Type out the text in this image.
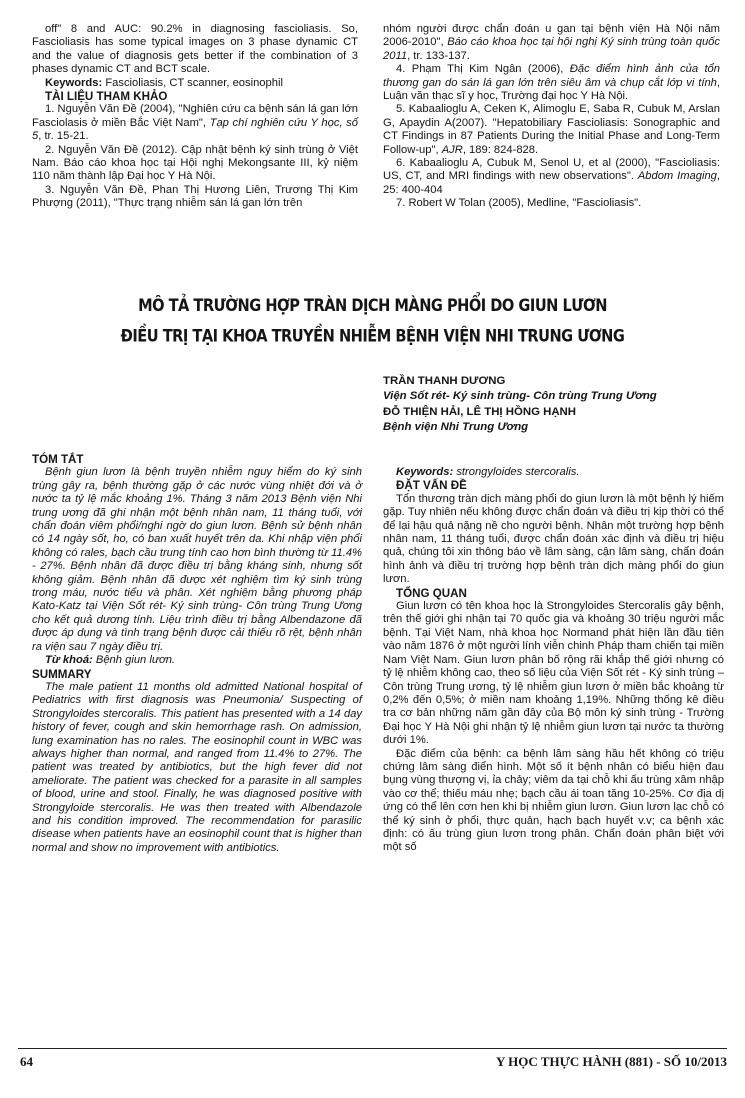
off" 8 and AUC: 90.2% in diagnosing fascioliasis. So, Fascioliasis has some typical images on 3 phase dynamic CT and the value of diagnosis gets better if the combination of 3 phases dynamic CT and BCT scale.

Keywords: Fascioliasis, CT scanner, eosinophil

TÀI LIỆU THAM KHẢO

1. Nguyễn Văn Đề (2004), "Nghiên cứu ca bệnh sán lá gan lớn Fasciolasis ở miền Bắc Việt Nam", Tạp chí nghiên cứu Y học, số 5, tr. 15-21.

2. Nguyễn Văn Đề (2012). Cập nhật bệnh ký sinh trùng ở Việt Nam. Báo cáo khoa học tại Hội nghị Mekongsante III, kỷ niệm 110 năm thành lập Đại học Y Hà Nội.

3. Nguyễn Văn Đề, Phan Thị Hương Liên, Trương Thị Kim Phượng (2011), "Thực trạng nhiễm sán lá gan lớn trên

nhóm người được chẩn đoán u gan tại bệnh viện Hà Nội năm 2006-2010", Báo cáo khoa học tại hội nghị Ký sinh trùng toàn quốc 2011, tr. 133-137.

4. Phạm Thị Kim Ngân (2006), Đặc điểm hình ảnh của tổn thương gan do sán lá gan lớn trên siêu âm và chụp cắt lớp vi tính, Luận văn thạc sĩ y học, Trường đại học Y Hà Nội.

5. Kabaalioglu A, Ceken K, Alimoglu E, Saba R, Cubuk M, Arslan G, Apaydin A(2007). "Hepatobiliary Fascioliasis: Sonographic and CT Findings in 87 Patients During the Initial Phase and Long-Term Follow-up", AJR, 189: 824-828.

6. Kabaalioglu A, Cubuk M, Senol U, et al (2000), "Fascioliasis: US, CT, and MRI findings with new observations". Abdom Imaging, 25: 400-404

7. Robert W Tolan (2005), Medline, "Fascioliasis".

MÔ TẢ TRƯỜNG HỢP TRÀN DỊCH MÀNG PHỔI DO GIUN LƯƠN
ĐIỀU TRỊ TẠI KHOA TRUYỀN NHIỄM BỆNH VIỆN NHI TRUNG ƯƠNG
TRẦN THANH DƯƠNG
Viện Sốt rét- Ký sinh trùng- Côn trùng Trung Ương
ĐỖ THIỆN HẢI, LÊ THỊ HỒNG HẠNH
Bệnh viện Nhi Trung Ương

TÓM TẮT

Bệnh giun lươn là bệnh truyền nhiễm nguy hiểm do ký sinh trùng gây ra, bệnh thường gặp ở các nước vùng nhiệt đới và ở nước ta tỷ lệ mắc khoảng 1%. Tháng 3 năm 2013 Bệnh viện Nhi trung ương đã ghi nhận một bệnh nhân nam, 11 tháng tuổi, với chẩn đoán viêm phổi/nghi ngờ do giun lươn. Bệnh sử bệnh nhân có 14 ngày sốt, ho, có ban xuất huyết trên da. Khi nhập viện phổi không có rales, bạch cầu trung tính cao hơn bình thường từ 11.4% - 27%. Bệnh nhân đã được điều trị bằng kháng sinh, nhưng sốt không giảm. Bệnh nhân đã được xét nghiệm tìm ký sinh trùng trong máu, nước tiểu và phân. Xét nghiệm bằng phương pháp Kato-Katz tại Viện Sốt rét- Ký sinh trùng- Côn trùng Trung Ương cho kết quả dương tính. Liệu trình điều trị bằng Albendazone đã được áp dụng và tình trạng bệnh được cải thiếu rõ rệt, bệnh nhân ra viện sau 7 ngày điều trị.

Từ khoá: Bệnh giun lươn.

SUMMARY

The male patient 11 months old admitted National hospital of Pediatrics with first diagnosis was Pneumonia/ Suspecting of Strongyloides stercoralis. This patient has presented with a 14 day history of fever, cough and skin hemorrhage rash. On admission, lung examination has no rales. The eosinophil count in WBC was always higher than normal, and ranged from 11.4% to 27%. The patient was treated by antibiotics, but the high fever did not ameliorate. The patient was checked for a parasite in all samples of blood, urine and stool. Finally, he was diagnosed positive with Strongyloide stercoralis. He was then treated with Albendazole and his condition improved. The recommendation for parasilic disease when patients have an eosinophil count that is higher than normal and show no improvement with antibiotics.

Keywords: strongyloides stercoralis.

ĐẶT VẤN ĐỀ

Tổn thương tràn dịch màng phổi do giun lươn là một bệnh lý hiếm gặp. Tuy nhiên nếu không được chẩn đoán và điều trị kịp thời có thể để lại hậu quả nặng nề cho người bệnh. Nhân một trường hợp bệnh nhân nam, 11 tháng tuổi, được chẩn đoán xác định và điều trị hiệu quả, chúng tôi xin thông báo về lâm sàng, cận lâm sàng, chẩn đoán hình ảnh và điều trị trường hợp bệnh tràn dịch màng phổi do giun lươn.

TỔNG QUAN

Giun lươn có tên khoa học là Strongyloides Stercoralis gây bệnh, trên thế giới ghi nhận tại 70 quốc gia và khoảng 30 triệu người mắc bệnh. Tại Việt Nam, nhà khoa học Normand phát hiện lần đầu tiên vào năm 1876 ở một người lính viễn chinh Pháp tham chiến tại miền Nam Việt Nam. Giun lươn phân bố rộng rãi khắp thế giới nhưng có tỷ lệ nhiễm không cao, theo số liệu của Viện Sốt rét - Ký sinh trùng – Côn trùng Trung ương, tỷ lệ nhiễm giun lươn ở miền bắc khoảng từ 0,2% đến 0,5%; ở miền nam khoảng 1,19%. Những thống kê điều tra cơ bản những năm gần đây của Bộ môn ký sinh trùng - Trường Đại học Y Hà Nội ghi nhận tỷ lệ nhiễm giun lươn tại nước ta thường dưới 1%.

Đặc điểm của bệnh: ca bệnh lâm sàng hầu hết không có triệu chứng lâm sàng điển hình. Một số ít bệnh nhân có biểu hiện đau bụng vùng thượng vị, ỉa chảy; viêm da tại chỗ khi ấu trùng xâm nhập vào cơ thể; thiếu máu nhẹ; bạch cầu ái toan tăng 10-25%. Cơ địa dị ứng có thể lên cơn hen khi bị nhiễm giun lươn. Giun lươn lạc chỗ có thể ký sinh ở phổi, thực quản, hạch bạch huyết v.v; ca bệnh xác định: có ấu trùng giun lươn trong phân. Chẩn đoán phân biệt với một số

64	Y HỌC THỰC HÀNH (881) - SỐ 10/2013
